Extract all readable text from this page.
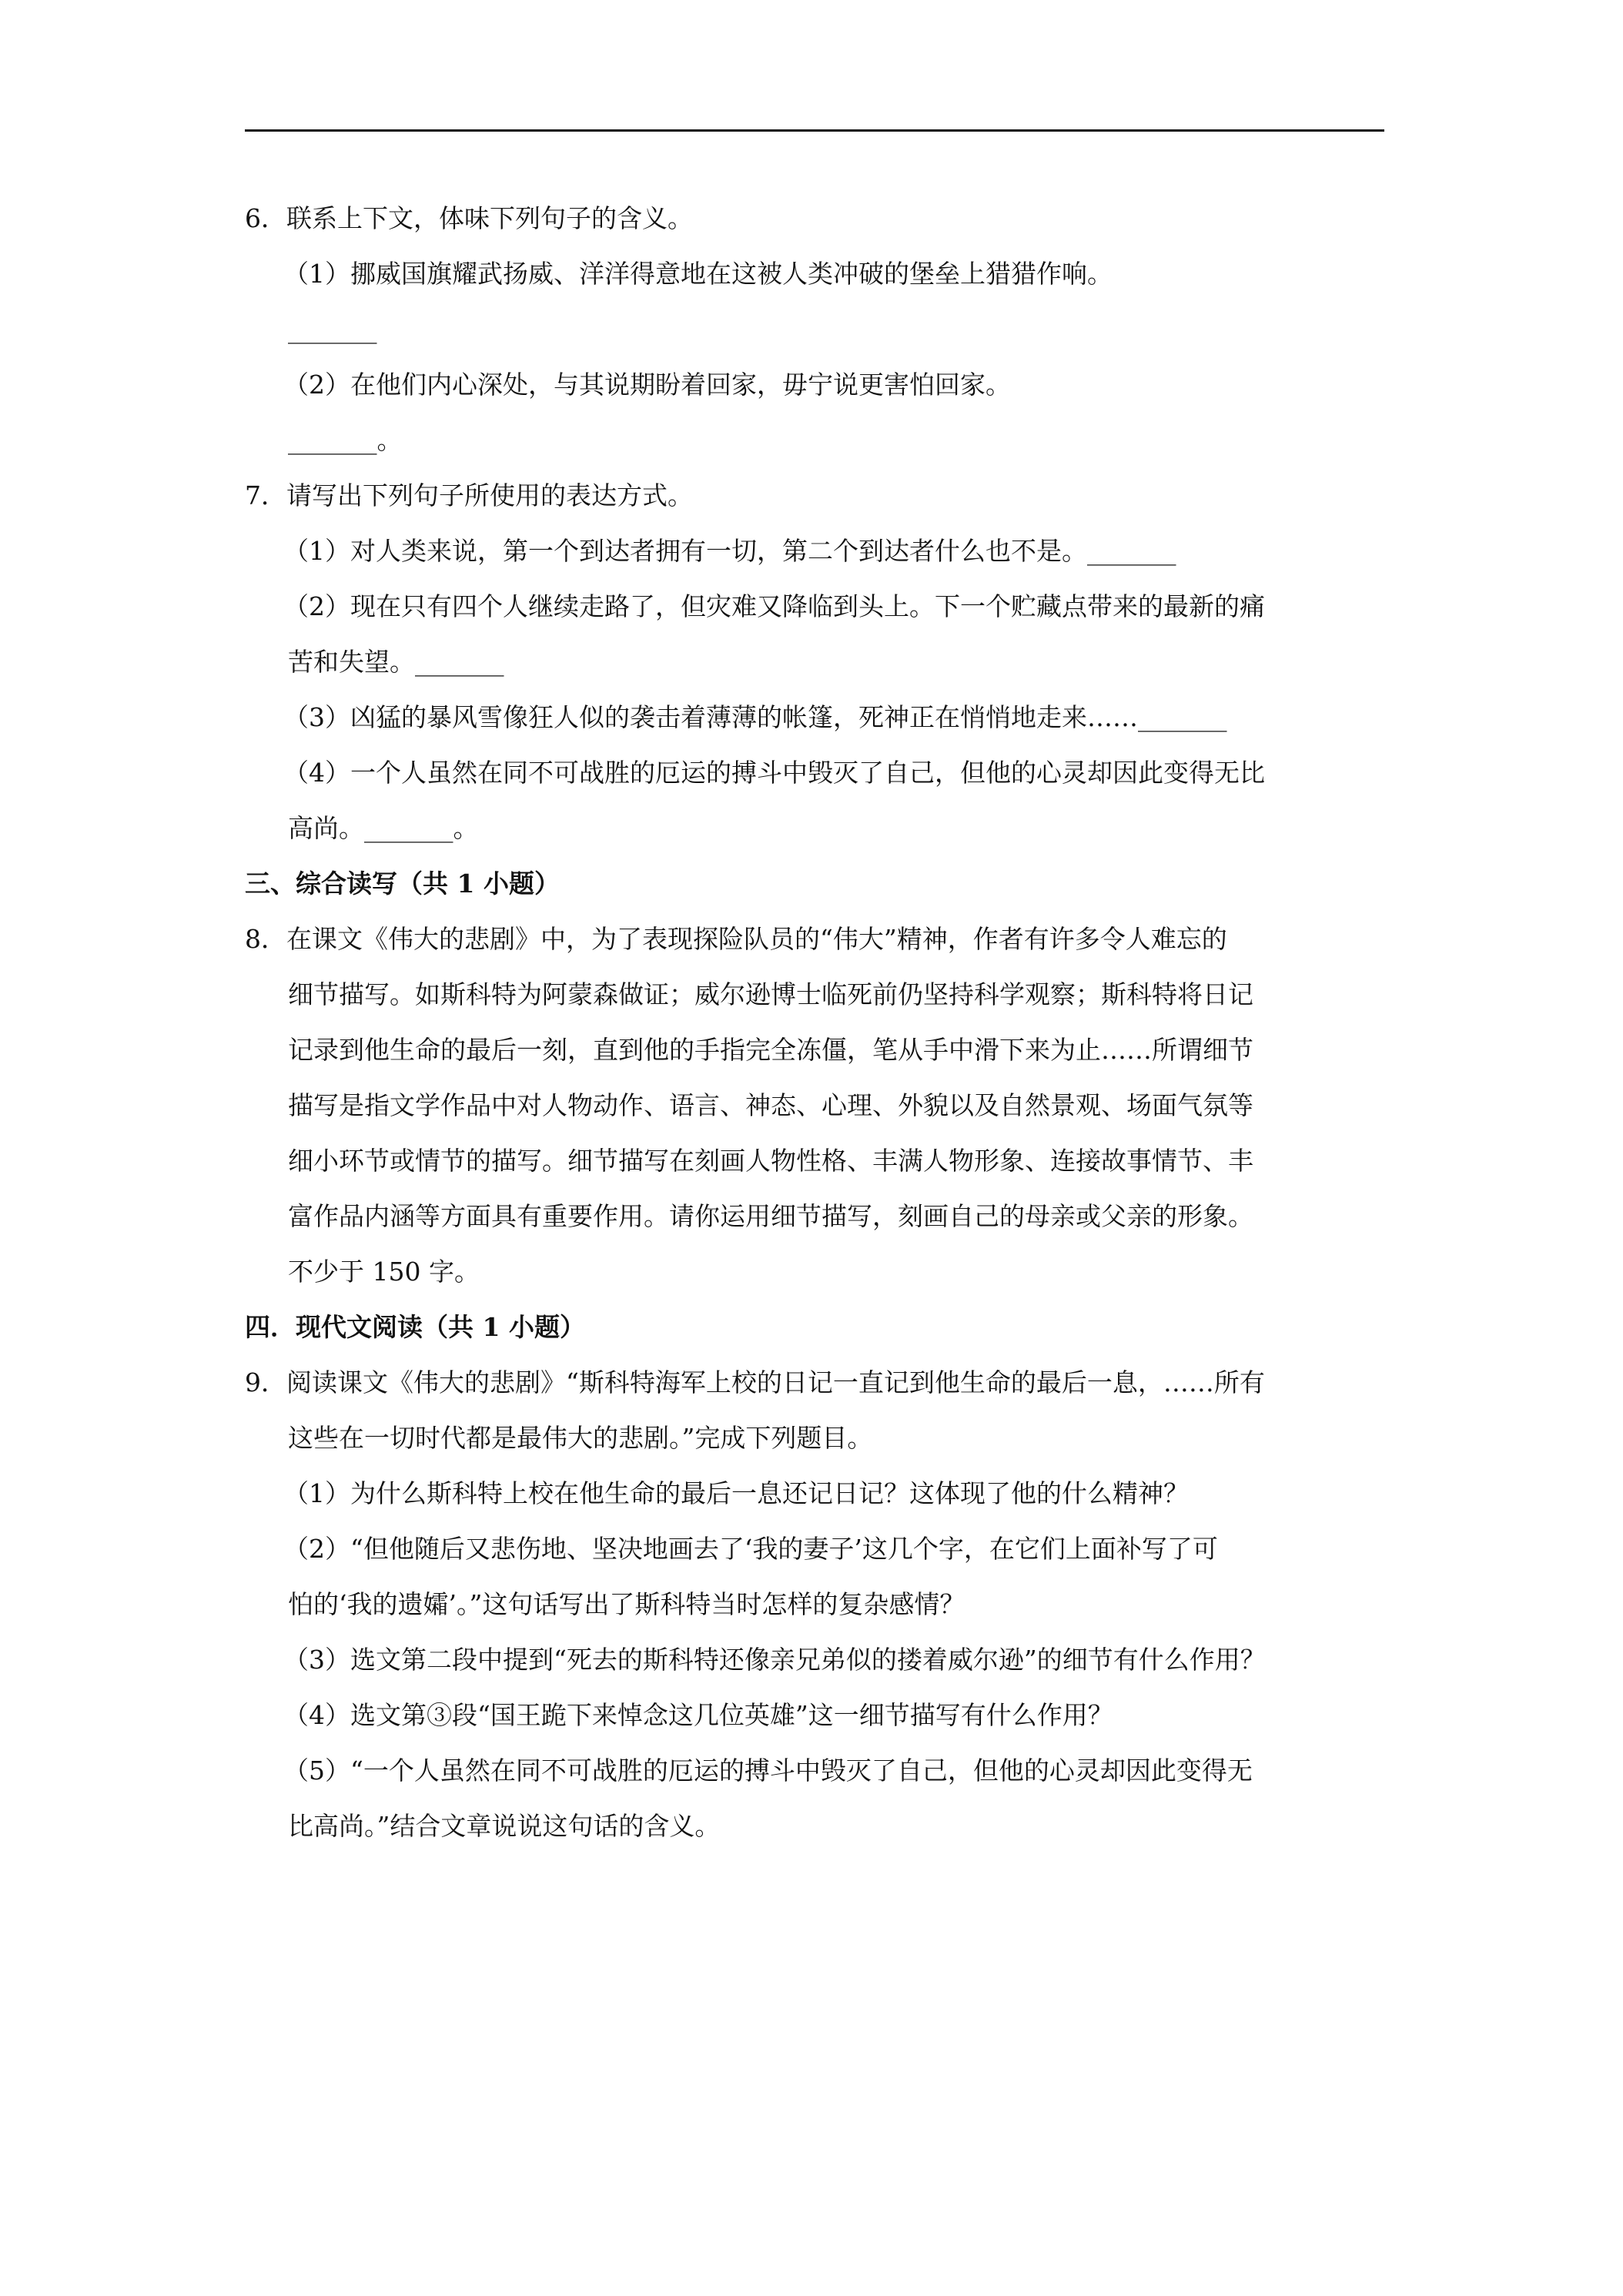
6．联系上下文，体味下列句子的含义。
（1）挪威国旗耀武扬威、洋洋得意地在这被人类冲破的堡垒上猎猎作响。
_______
（2）在他们内心深处，与其说期盼着回家，毋宁说更害怕回家。
_______。
7．请写出下列句子所使用的表达方式。
（1）对人类来说，第一个到达者拥有一切，第二个到达者什么也不是。_______
（2）现在只有四个人继续走路了，但灾难又降临到头上。下一个贮藏点带来的最新的痛
苦和失望。_______
（3）凶猛的暴风雪像狂人似的袭击着薄薄的帐篷，死神正在悄悄地走来……_______
（4）一个人虽然在同不可战胜的厄运的搏斗中毁灭了自己，但他的心灵却因此变得无比
高尚。_______。
三、综合读写（共 1 小题）
8．在课文《伟大的悲剧》中，为了表现探险队员的“伟大”精神，作者有许多令人难忘的
细节描写。如斯科特为阿蒙森做证；威尔逊博士临死前仍坚持科学观察；斯科特将日记
记录到他生命的最后一刻，直到他的手指完全冻僵，笔从手中滑下来为止……所谓细节
描写是指文学作品中对人物动作、语言、神态、心理、外貌以及自然景观、场面气氛等
细小环节或情节的描写。细节描写在刻画人物性格、丰满人物形象、连接故事情节、丰
富作品内涵等方面具有重要作用。请你运用细节描写，刻画自己的母亲或父亲的形象。
不少于 150 字。
四．现代文阅读（共 1 小题）
9．阅读课文《伟大的悲剧》“斯科特海军上校的日记一直记到他生命的最后一息，……所有
这些在一切时代都是最伟大的悲剧。”完成下列题目。
（1）为什么斯科特上校在他生命的最后一息还记日记？这体现了他的什么精神？
（2）“但他随后又悲伤地、坚决地画去了‘我的妻子’这几个字，在它们上面补写了可
怕的‘我的遗孀’。”这句话写出了斯科特当时怎样的复杂感情？
（3）选文第二段中提到“死去的斯科特还像亲兄弟似的搂着威尔逊”的细节有什么作用？
（4）选文第③段“国王跪下来悼念这几位英雄”这一细节描写有什么作用？
（5）“一个人虽然在同不可战胜的厄运的搏斗中毁灭了自己，但他的心灵却因此变得无
比高尚。”结合文章说说这句话的含义。
